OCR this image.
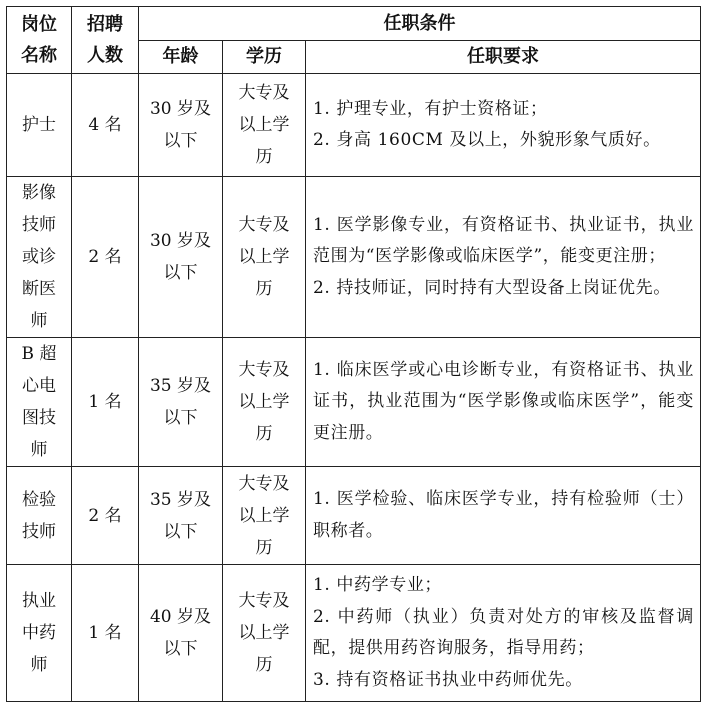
岗位名称	招聘人数	任职条件		
		年龄	学历	任职要求

护士	4 名	30 岁及以下	大专及以上学历	1. 护理专业，有护士资格证；
2. 身高 160CM 及以上，外貌形象气质好。

影像技师或诊断医师	2 名	30 岁及以下	大专及以上学历	1. 医学影像专业，有资格证书、执业证书，执业范围为“医学影像或临床医学”，能变更注册；
2. 持技师证，同时持有大型设备上岗证优先。

B 超心电图技师	1 名	35 岁及以下	大专及以上学历	1. 临床医学或心电诊断专业，有资格证书、执业证书，执业范围为“医学影像或临床医学”，能变更注册。

检验技师	2 名	35 岁及以下	大专及以上学历	1. 医学检验、临床医学专业，持有检验师（士）职称者。

执业中药师	1 名	40 岁及以下	大专及以上学历	1. 中药学专业；
2. 中药师（执业）负责对处方的审核及监督调配，提供用药咨询服务，指导用药；
3. 持有资格证书执业中药师优先。
